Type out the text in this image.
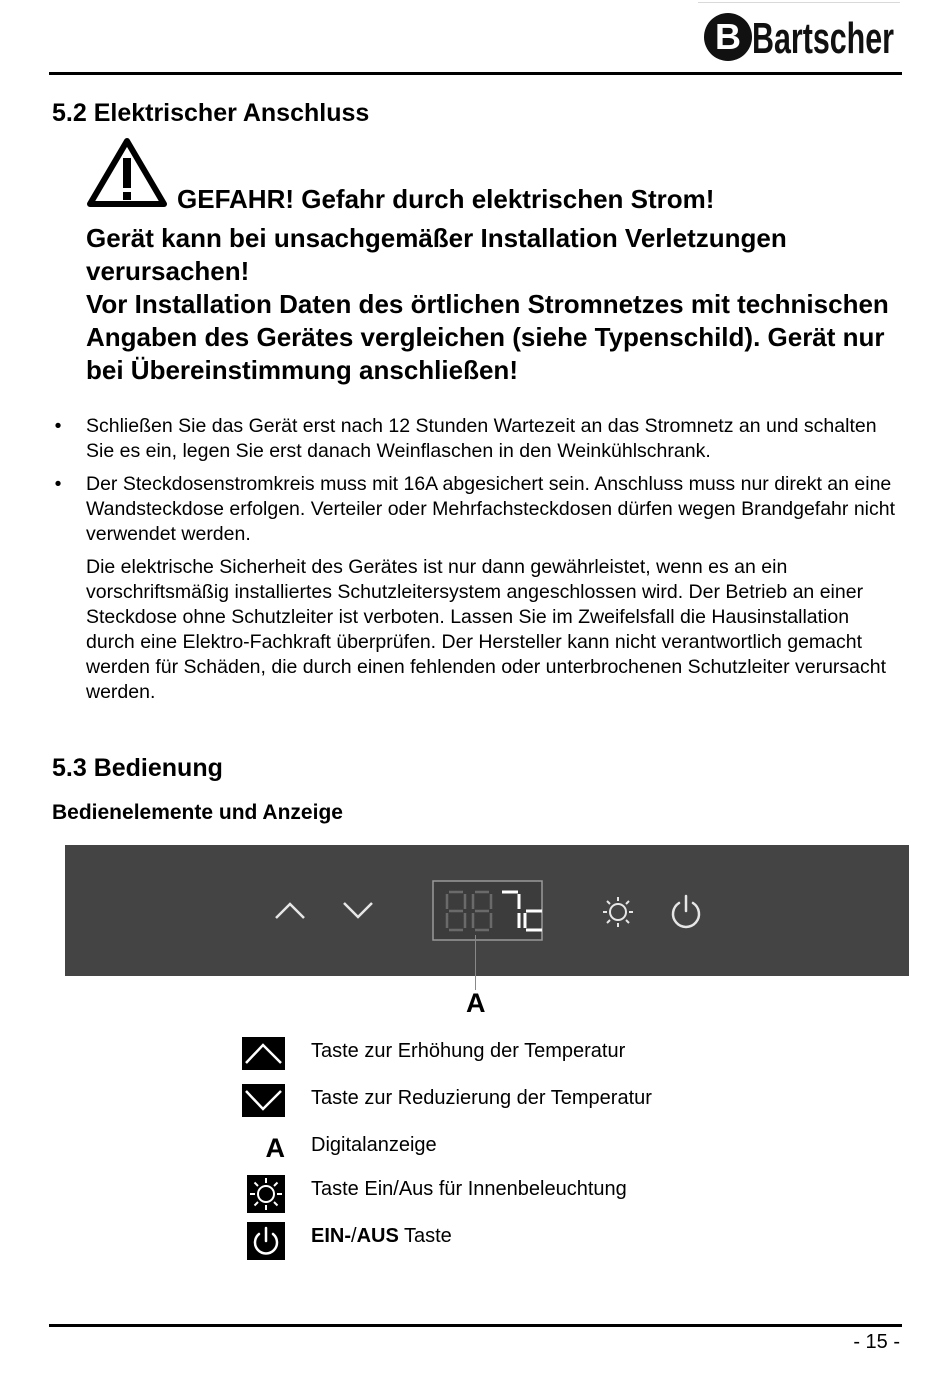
B Bartscher
5.2 Elektrischer Anschluss
GEFAHR! Gefahr durch elektrischen Strom!
Gerät kann bei unsachgemäßer Installation Verletzungen verursachen!
Vor Installation Daten des örtlichen Stromnetzes mit technischen Angaben des Gerätes vergleichen (siehe Typenschild). Gerät nur bei Übereinstimmung anschließen!
• Schließen Sie das Gerät erst nach 12 Stunden Wartezeit an das Stromnetz an und schalten Sie es ein, legen Sie erst danach Weinflaschen in den Weinkühlschrank.
• Der Steckdosenstromkreis muss mit 16A abgesichert sein. Anschluss muss nur direkt an eine Wandsteckdose erfolgen. Verteiler oder Mehrfachsteckdosen dürfen wegen Brandgefahr nicht verwendet werden.
Die elektrische Sicherheit des Gerätes ist nur dann gewährleistet, wenn es an ein vorschriftsmäßig installiertes Schutzleitersystem angeschlossen wird. Der Betrieb an einer Steckdose ohne Schutzleiter ist verboten. Lassen Sie im Zweifelsfall die Hausinstallation durch eine Elektro-Fachkraft überprüfen. Der Hersteller kann nicht verantwortlich gemacht werden für Schäden, die durch einen fehlenden oder unterbrochenen Schutzleiter verursacht werden.
5.3 Bedienung
Bedienelemente und Anzeige
A
Taste zur Erhöhung der Temperatur
Taste zur Reduzierung der Temperatur
A Digitalanzeige
Taste Ein/Aus für Innenbeleuchtung
EIN-/AUS Taste
- 15 -
